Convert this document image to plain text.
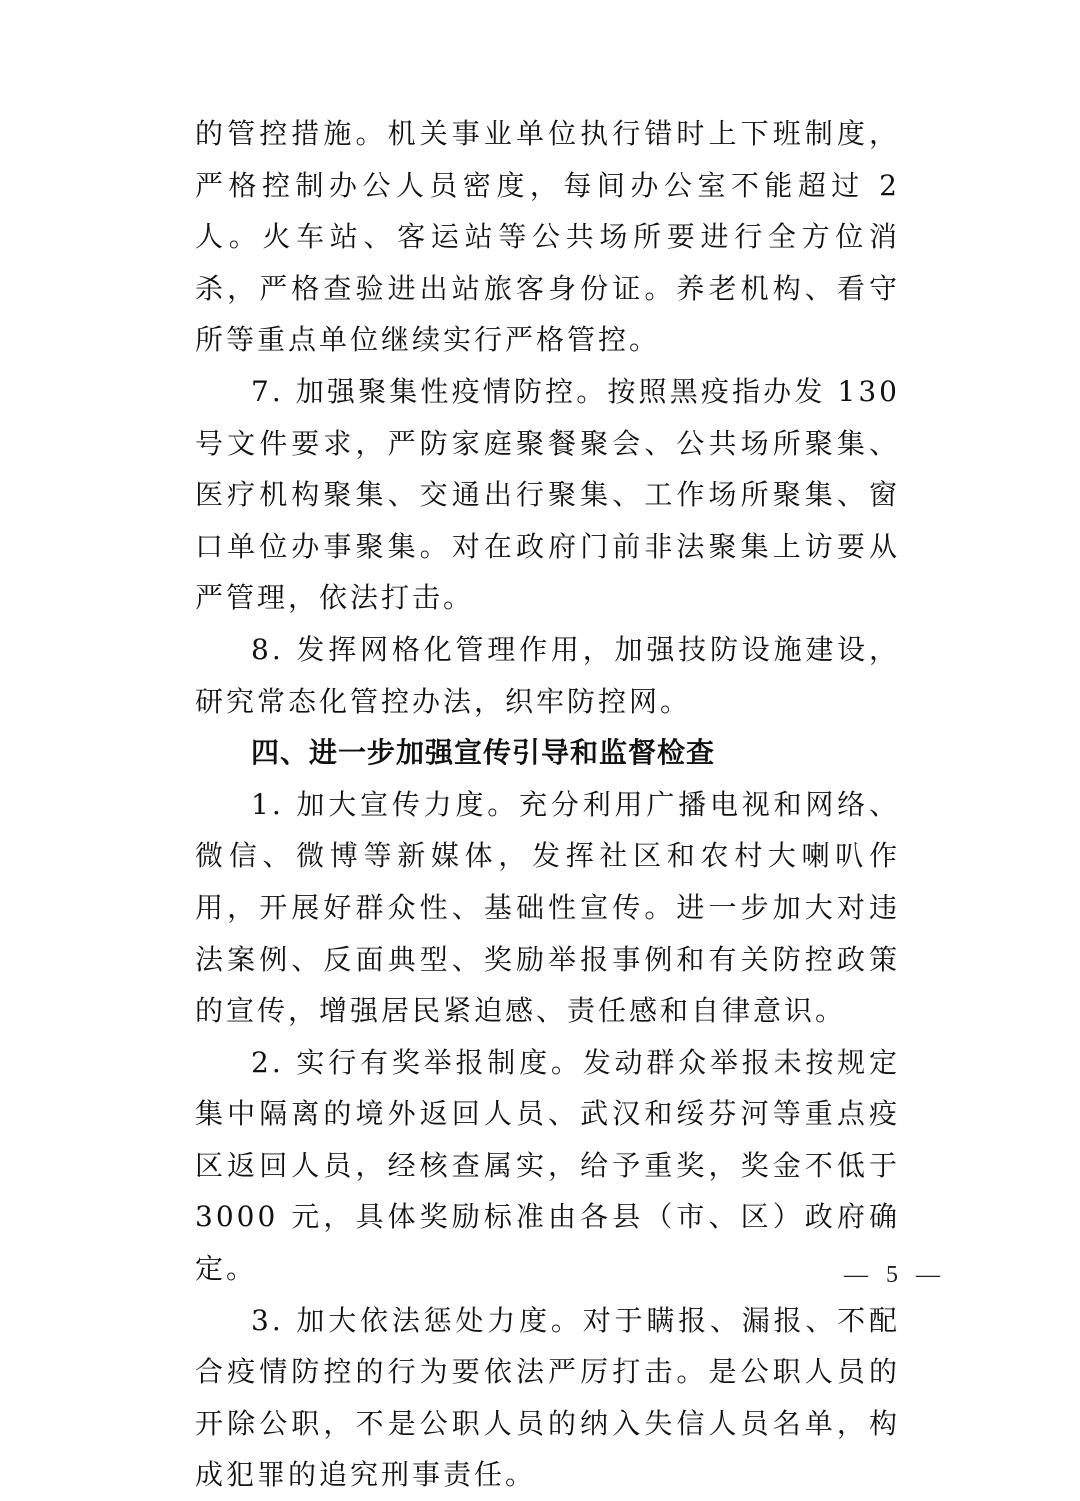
的管控措施。机关事业单位执行错时上下班制度，严格控制办公人员密度，每间办公室不能超过 2 人。火车站、客运站等公共场所要进行全方位消杀，严格查验进出站旅客身份证。养老机构、看守所等重点单位继续实行严格管控。

7. 加强聚集性疫情防控。按照黑疫指办发 130 号文件要求，严防家庭聚餐聚会、公共场所聚集、医疗机构聚集、交通出行聚集、工作场所聚集、窗口单位办事聚集。对在政府门前非法聚集上访要从严管理，依法打击。

8. 发挥网格化管理作用，加强技防设施建设，研究常态化管控办法，织牢防控网。

四、进一步加强宣传引导和监督检查

1. 加大宣传力度。充分利用广播电视和网络、微信、微博等新媒体，发挥社区和农村大喇叭作用，开展好群众性、基础性宣传。进一步加大对违法案例、反面典型、奖励举报事例和有关防控政策的宣传，增强居民紧迫感、责任感和自律意识。

2. 实行有奖举报制度。发动群众举报未按规定集中隔离的境外返回人员、武汉和绥芬河等重点疫区返回人员，经核查属实，给予重奖，奖金不低于 3000 元，具体奖励标准由各县（市、区）政府确定。

3. 加大依法惩处力度。对于瞒报、漏报、不配合疫情防控的行为要依法严厉打击。是公职人员的开除公职，不是公职人员的纳入失信人员名单，构成犯罪的追究刑事责任。

— 5 —
